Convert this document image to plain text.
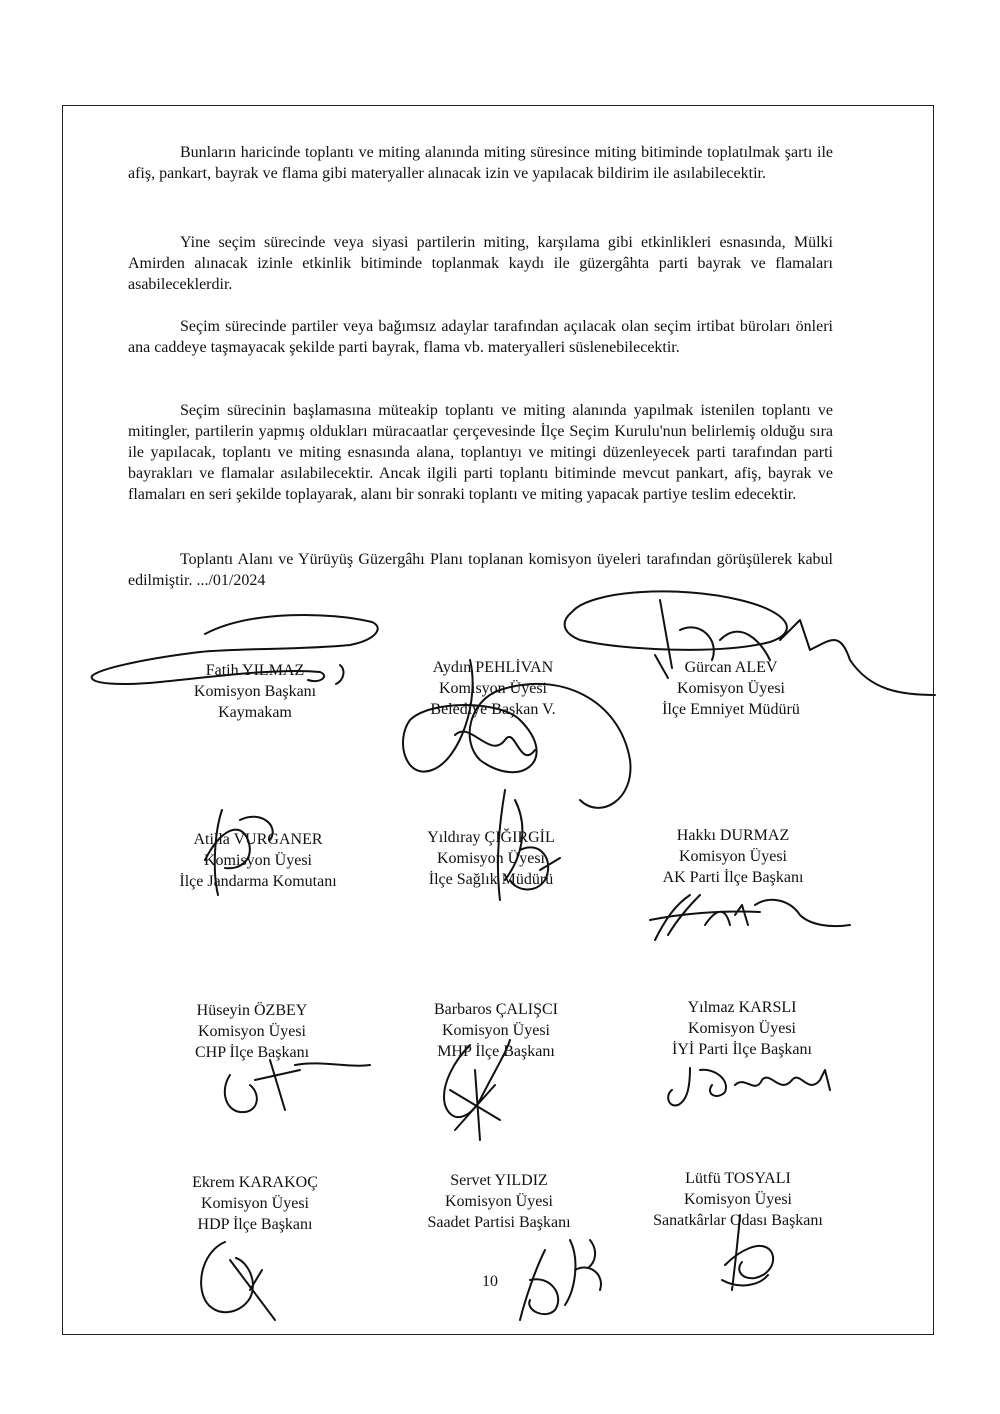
Bunların haricinde toplantı ve miting alanında miting süresince miting bitiminde toplatılmak şartı ile afiş, pankart, bayrak ve flama gibi materyaller alınacak izin ve yapılacak bildirim ile asılabilecektir.

Yine seçim sürecinde veya siyasi partilerin miting, karşılama gibi etkinlikleri esnasında, Mülki Amirden alınacak izinle etkinlik bitiminde toplanmak kaydı ile güzergâhta parti bayrak ve flamaları asabileceklerdir.

Seçim sürecinde partiler veya bağımsız adaylar tarafından açılacak olan seçim irtibat büroları önleri ana caddeye taşmayacak şekilde parti bayrak, flama vb. materyalleri süslenebilecektir.

Seçim sürecinin başlamasına müteakip toplantı ve miting alanında yapılmak istenilen toplantı ve mitingler, partilerin yapmış oldukları müracaatlar çerçevesinde İlçe Seçim Kurulu'nun belirlemiş olduğu sıra ile yapılacak, toplantı ve miting esnasında alana, toplantıyı ve mitingi düzenleyecek parti tarafından parti bayrakları ve flamalar asılabilecektir. Ancak ilgili parti toplantı bitiminde mevcut pankart, afiş, bayrak ve flamaları en seri şekilde toplayarak, alanı bir sonraki toplantı ve miting yapacak partiye teslim edecektir.

Toplantı Alanı ve Yürüyüş Güzergâhı Planı toplanan komisyon üyeleri tarafından görüşülerek kabul edilmiştir. .../01/2024

Fatih YILMAZ
Komisyon Başkanı
Kaymakam
Aydın PEHLİVAN
Komisyon Üyesi
Belediye Başkan V.
Gürcan ALEV
Komisyon Üyesi
İlçe Emniyet Müdürü
Atilla VURGANER
Komisyon Üyesi
İlçe Jandarma Komutanı
Yıldıray ÇIĞIRGİL
Komisyon Üyesi
İlçe Sağlık Müdürü
Hakkı DURMAZ
Komisyon Üyesi
AK Parti İlçe Başkanı
Hüseyin ÖZBEY
Komisyon Üyesi
CHP İlçe Başkanı
Barbaros ÇALIŞCI
Komisyon Üyesi
MHP İlçe Başkanı
Yılmaz KARSLI
Komisyon Üyesi
İYİ Parti İlçe Başkanı
Ekrem KARAKOÇ
Komisyon Üyesi
HDP İlçe Başkanı
Servet YILDIZ
Komisyon Üyesi
Saadet Partisi Başkanı
Lütfü TOSYALI
Komisyon Üyesi
Sanatkârlar Odası Başkanı
10
